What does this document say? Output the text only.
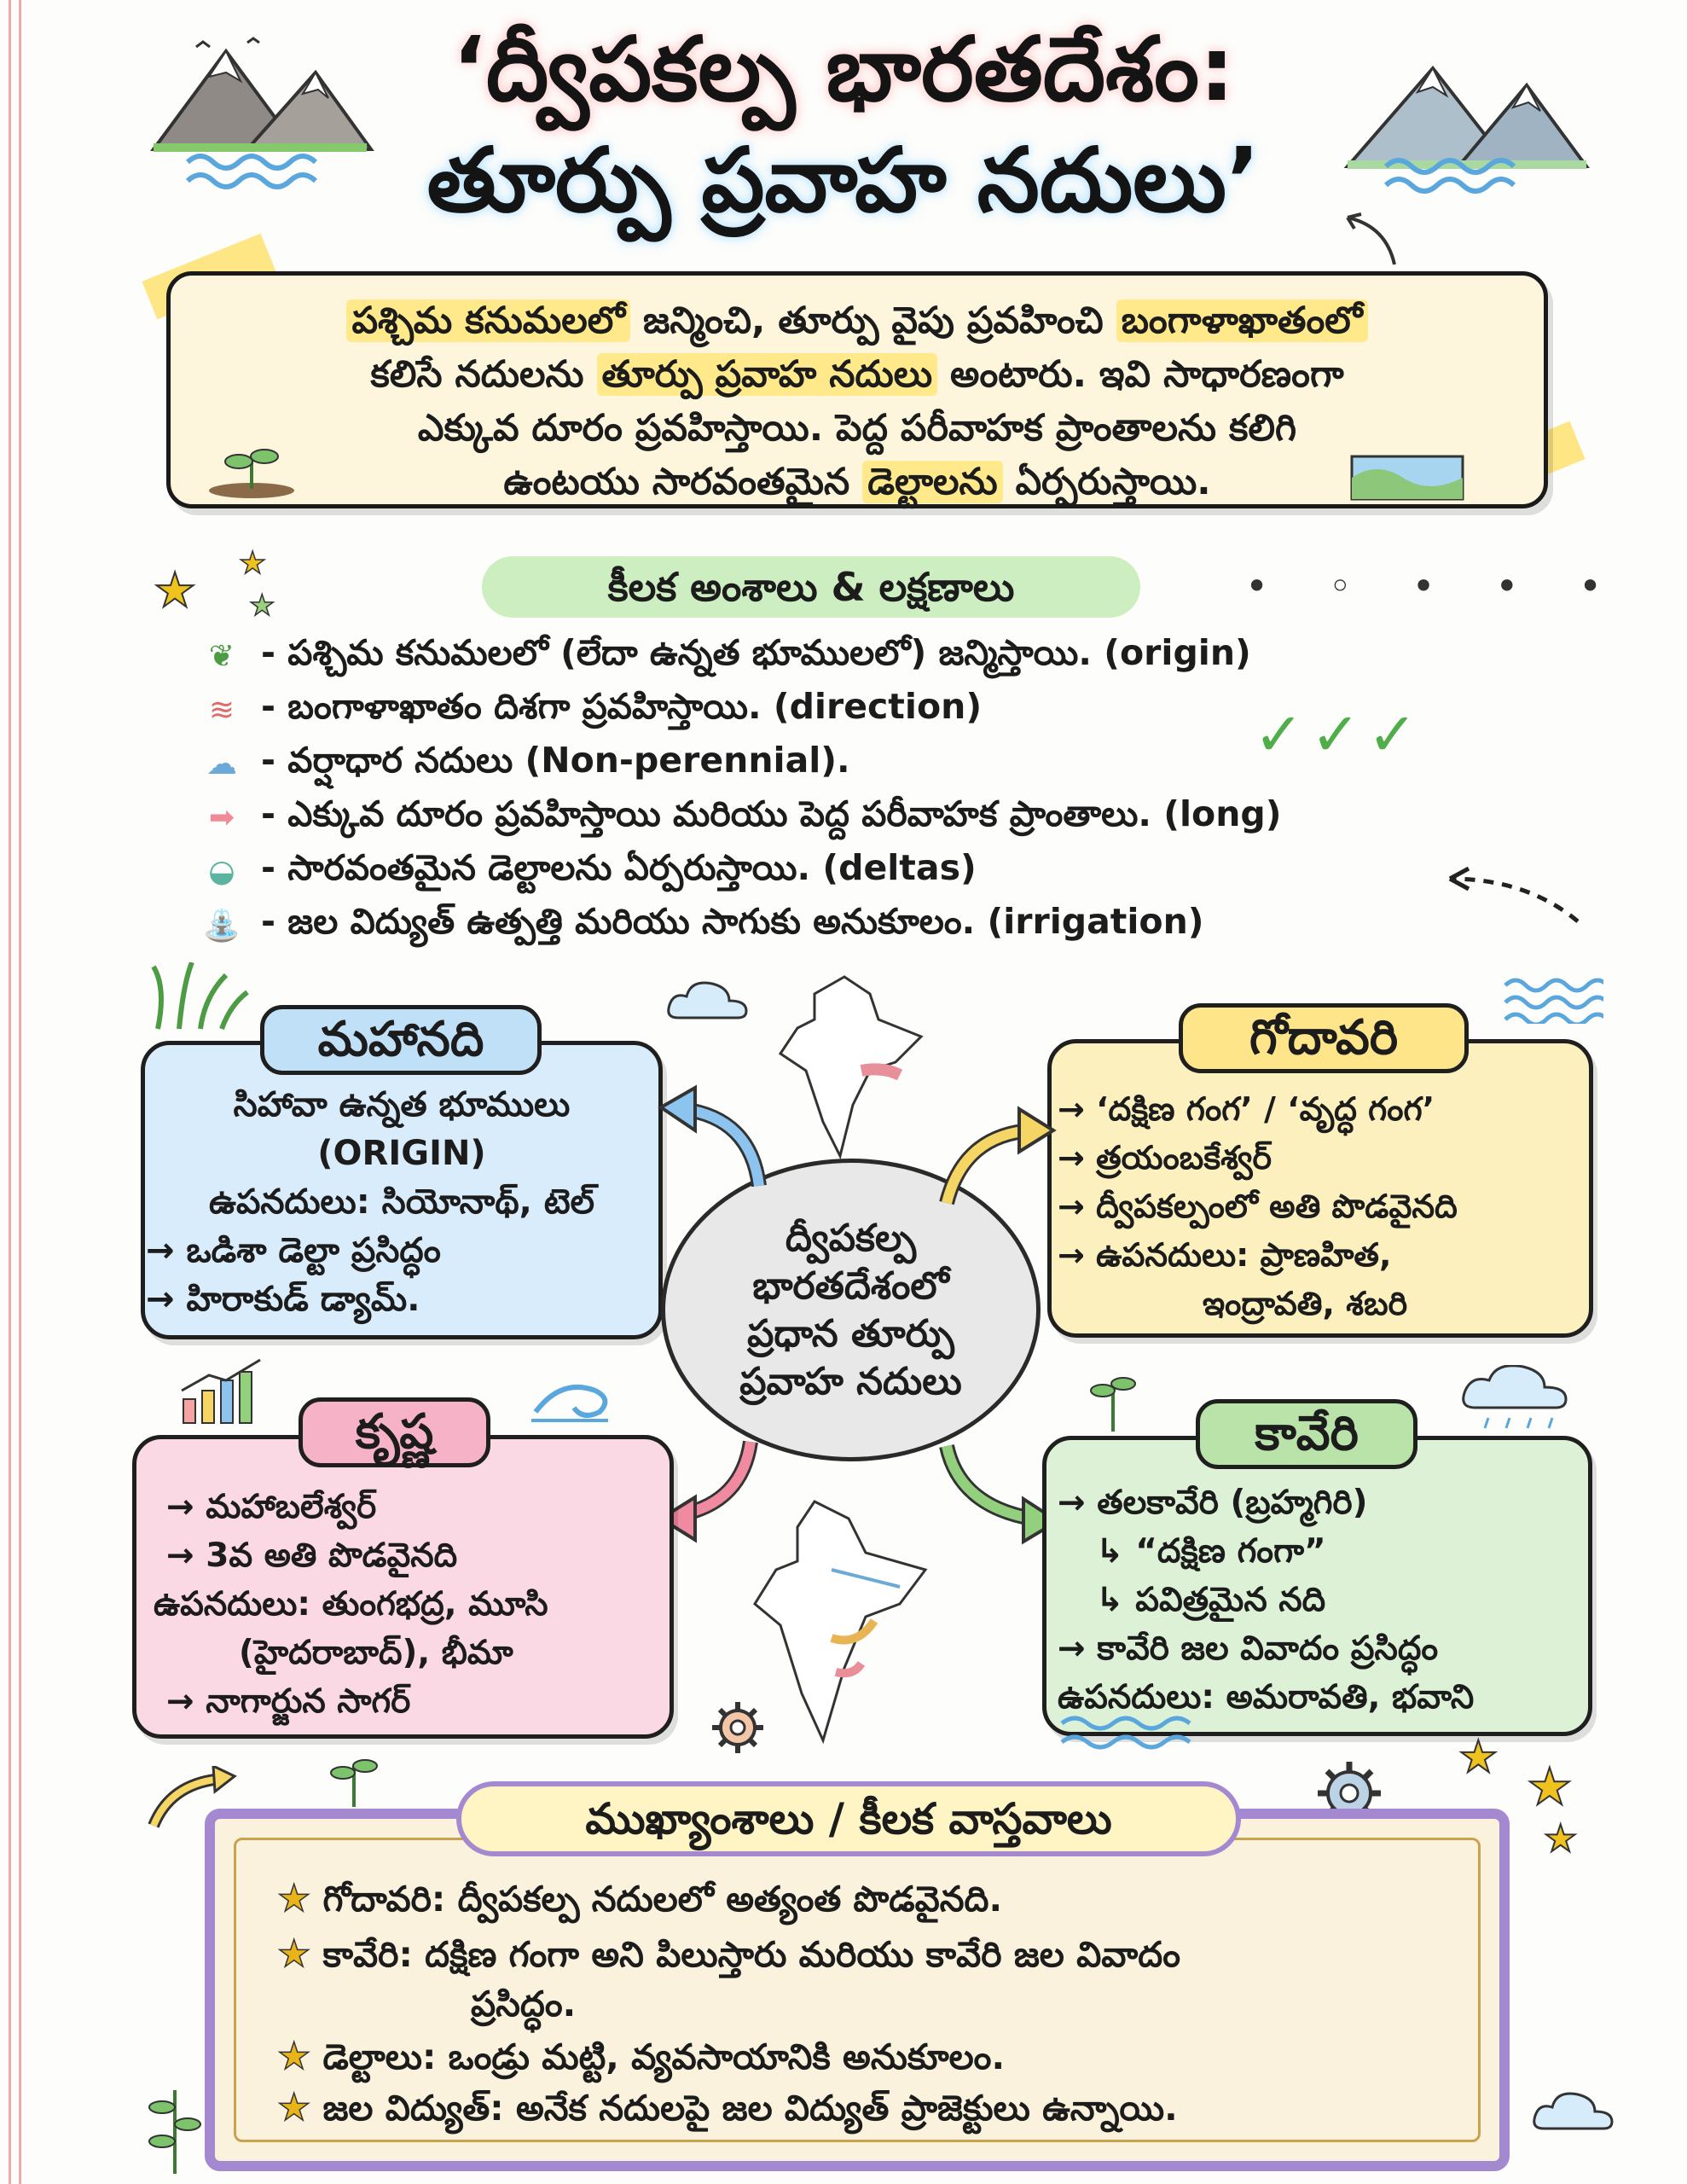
‘ద్వీపకల్ప భారతదేశం:
తూర్పు ప్రవాహ నదులు’
పశ్చిమ కనుమలలో జన్మించి, తూర్పు వైపు ప్రవహించి బంగాళాఖాతంలో
కలిసే నదులను తూర్పు ప్రవాహ నదులు అంటారు. ఇవి సాధారణంగా
ఎక్కువ దూరం ప్రవహిస్తాయి. పెద్ద పరీవాహక ప్రాంతాలను కలిగి
ఉంటయు సారవంతమైన డెల్టాలను ఏర్పరుస్తాయి.
★ ★
★	• ◦ • • •
✓✓✓
కీలక అంశాలు & లక్షణాలు
❦ - పశ్చిమ కనుమలలో (లేదా ఉన్నత భూములలో) జన్మిస్తాయి. (origin)
≋ - బంగాళాఖాతం దిశగా ప్రవహిస్తాయి. (direction)
☁ - వర్షాధార నదులు (Non-perennial).
➡ - ఎక్కువ దూరం ప్రవహిస్తాయి మరియు పెద్ద పరీవాహక ప్రాంతాలు. (long)
◒ - సారవంతమైన డెల్టాలను ఏర్పరుస్తాయి. (deltas)
⛲ - జల విద్యుత్ ఉత్పత్తి మరియు సాగుకు అనుకూలం. (irrigation)
మహానది
సిహావా ఉన్నత భూములు
(ORIGIN)
ఉపనదులు: సియోనాథ్, టెల్
→ ఒడిశా డెల్టా ప్రసిద్ధం
→ హిరాకుడ్ డ్యామ్.
గోదావరి
→ ‘దక్షిణ గంగ’ / ‘వృద్ధ గంగ’
→ త్రయంబకేశ్వర్
→ ద్వీపకల్పంలో అతి పొడవైనది
→ ఉపనదులు: ప్రాణహిత,
ఇంద్రావతి, శబరి
ద్వీపకల్ప
భారతదేశంలో
ప్రధాన తూర్పు
ప్రవాహ నదులు
కృష్ణ
→ మహాబలేశ్వర్
→ 3వ అతి పొడవైనది
ఉపనదులు: తుంగభద్ర, మూసి
(హైదరాబాద్), భీమా
→ నాగార్జున సాగర్
కావేరి
→ తలకావేరి (బ్రహ్మగిరి)
↳ “దక్షిణ గంగా”
↳ పవిత్రమైన నది
→ కావేరి జల వివాదం ప్రసిద్ధం
ఉపనదులు: అమరావతి, భవాని
★ ★
★
ముఖ్యాంశాలు / కీలక వాస్తవాలు
★ గోదావరి: ద్వీపకల్ప నదులలో అత్యంత పొడవైనది.
★ కావేరి: దక్షిణ గంగా అని పిలుస్తారు మరియు కావేరి జల వివాదం
ప్రసిద్ధం.
★ డెల్టాలు: ఒండ్రు మట్టి, వ్యవసాయానికి అనుకూలం.
★ జల విద్యుత్: అనేక నదులపై జల విద్యుత్ ప్రాజెక్టులు ఉన్నాయి.
